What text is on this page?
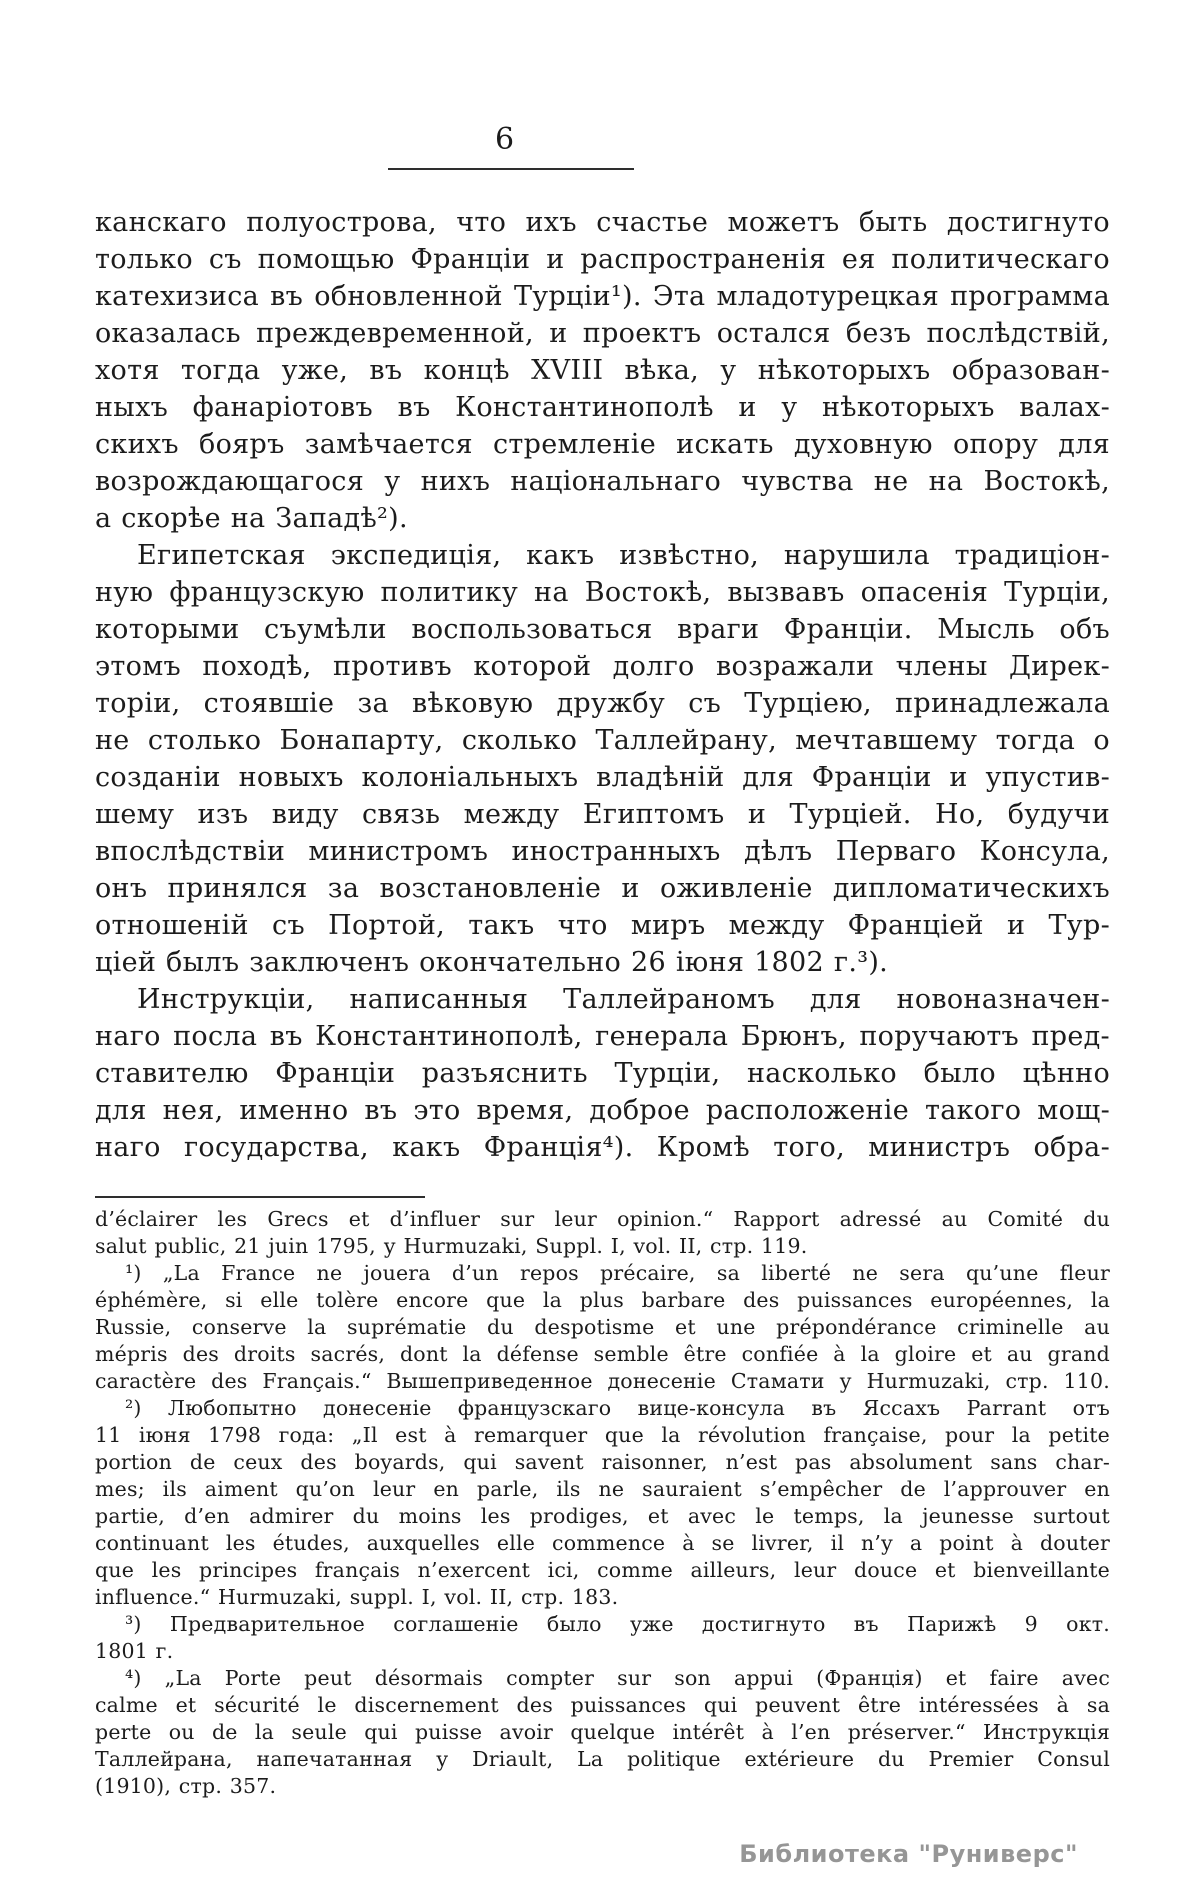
6
канскаго полуострова, что ихъ счастье можетъ быть достигнуто
только съ помощью Франціи и распространенія ея политическаго
катехизиса въ обновленной Турціи¹). Эта младотурецкая программа
оказалась преждевременной, и проектъ остался безъ послѣдствій,
хотя тогда уже, въ концѣ XVIII вѣка, у нѣкоторыхъ образован-
ныхъ фанаріотовъ въ Константинополѣ и у нѣкоторыхъ валах-
скихъ бояръ замѣчается стремленіе искать духовную опору для
возрождающагося у нихъ національнаго чувства не на Востокѣ,
а скорѣе на Западѣ²).
Египетская экспедиція, какъ извѣстно, нарушила традиціон-
ную французскую политику на Востокѣ, вызвавъ опасенія Турціи,
которыми съумѣли воспользоваться враги Франціи. Мысль объ
этомъ походѣ, противъ которой долго возражали члены Дирек-
торіи, стоявшіе за вѣковую дружбу съ Турціею, принадлежала
не столько Бонапарту, сколько Таллейрану, мечтавшему тогда о
созданіи новыхъ колоніальныхъ владѣній для Франціи и упустив-
шему изъ виду связь между Египтомъ и Турціей. Но, будучи
впослѣдствіи министромъ иностранныхъ дѣлъ Перваго Консула,
онъ принялся за возстановленіе и оживленіе дипломатическихъ
отношеній съ Портой, такъ что миръ между Франціей и Тур-
ціей былъ заключенъ окончательно 26 іюня 1802 г.³).
Инструкціи, написанныя Таллейраномъ для новоназначен-
наго посла въ Константинополѣ, генерала Брюнъ, поручаютъ пред-
ставителю Франціи разъяснить Турціи, насколько было цѣнно
для нея, именно въ это время, доброе расположеніе такого мощ-
наго государства, какъ Франція⁴). Кромѣ того, министръ обра-
d’éclairer les Grecs et d’influer sur leur opinion.“ Rapport adressé au Comité du
salut public, 21 juin 1795, у Hurmuzaki, Suppl. I, vol. II, стр. 119.
¹) „La France ne jouera d’un repos précaire, sa liberté ne sera qu’une fleur
éphémère, si elle tolère encore que la plus barbare des puissances européennes, la
Russie, conserve la suprématie du despotisme et une prépondérance criminelle au
mépris des droits sacrés, dont la défense semble être confiée à la gloire et au grand
caractère des Français.“ Вышеприведенное донесеніе Стамати у Hurmuzaki, стр. 110.
²) Любопытно донесеніе французскаго вице-консула въ Яссахъ Parrant отъ
11 іюня 1798 года: „Il est à remarquer que la révolution française, pour la petite
portion de ceux des boyards, qui savent raisonner, n’est pas absolument sans char-
mes; ils aiment qu’on leur en parle, ils ne sauraient s’empêcher de l’approuver en
partie, d’en admirer du moins les prodiges, et avec le temps, la jeunesse surtout
continuant les études, auxquelles elle commence à se livrer, il n’y a point à douter
que les principes français n’exercent ici, comme ailleurs, leur douce et bienveillante
influence.“ Hurmuzaki, suppl. I, vol. II, стр. 183.
³) Предварительное соглашеніе было уже достигнуто въ Парижѣ 9 окт.
1801 г.
⁴) „La Porte peut désormais compter sur son appui (Франція) et faire avec
calme et sécurité le discernement des puissances qui peuvent être intéressées à sa
perte ou de la seule qui puisse avoir quelque intérêt à l’en préserver.“ Инструкція
Таллейрана, напечатанная у Driault, La politique extérieure du Premier Consul
(1910), стр. 357.
Библиотека "Руниверс"
